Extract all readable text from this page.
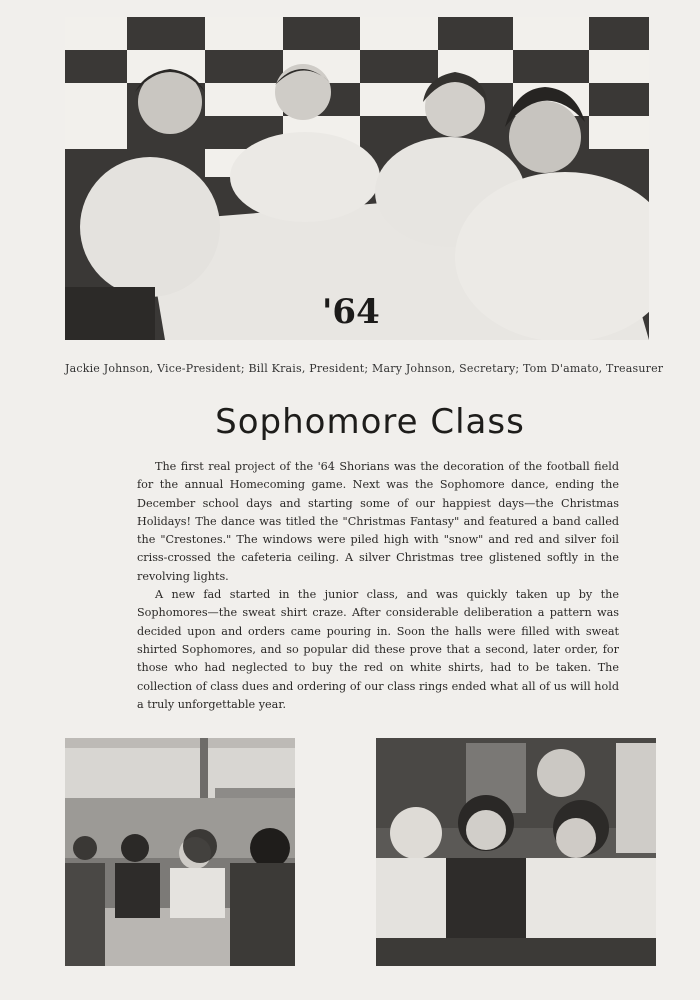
'64
Jackie Johnson, Vice-President; Bill Krais, President; Mary Johnson, Secretary; Tom D'amato, Treasurer
Sophomore Class

The first real project of the '64 Shorians was the decoration of the football field for the annual Homecoming game. Next was the Sophomore dance, ending the December school days and starting some of our happiest days—the Christmas Holidays! The dance was titled the "Christmas Fantasy" and featured a band called the "Crestones." The windows were piled high with "snow" and red and silver foil criss-crossed the cafeteria ceiling. A silver Christmas tree glistened softly in the revolving lights.

A new fad started in the junior class, and was quickly taken up by the Sophomores—the sweat shirt craze. After considerable deliberation a pattern was decided upon and orders came pouring in. Soon the halls were filled with sweat shirted Sophomores, and so popular did these prove that a second, later order, for those who had neglected to buy the red on white shirts, had to be taken. The collection of class dues and ordering of our class rings ended what all of us will hold a truly unforgettable year.
